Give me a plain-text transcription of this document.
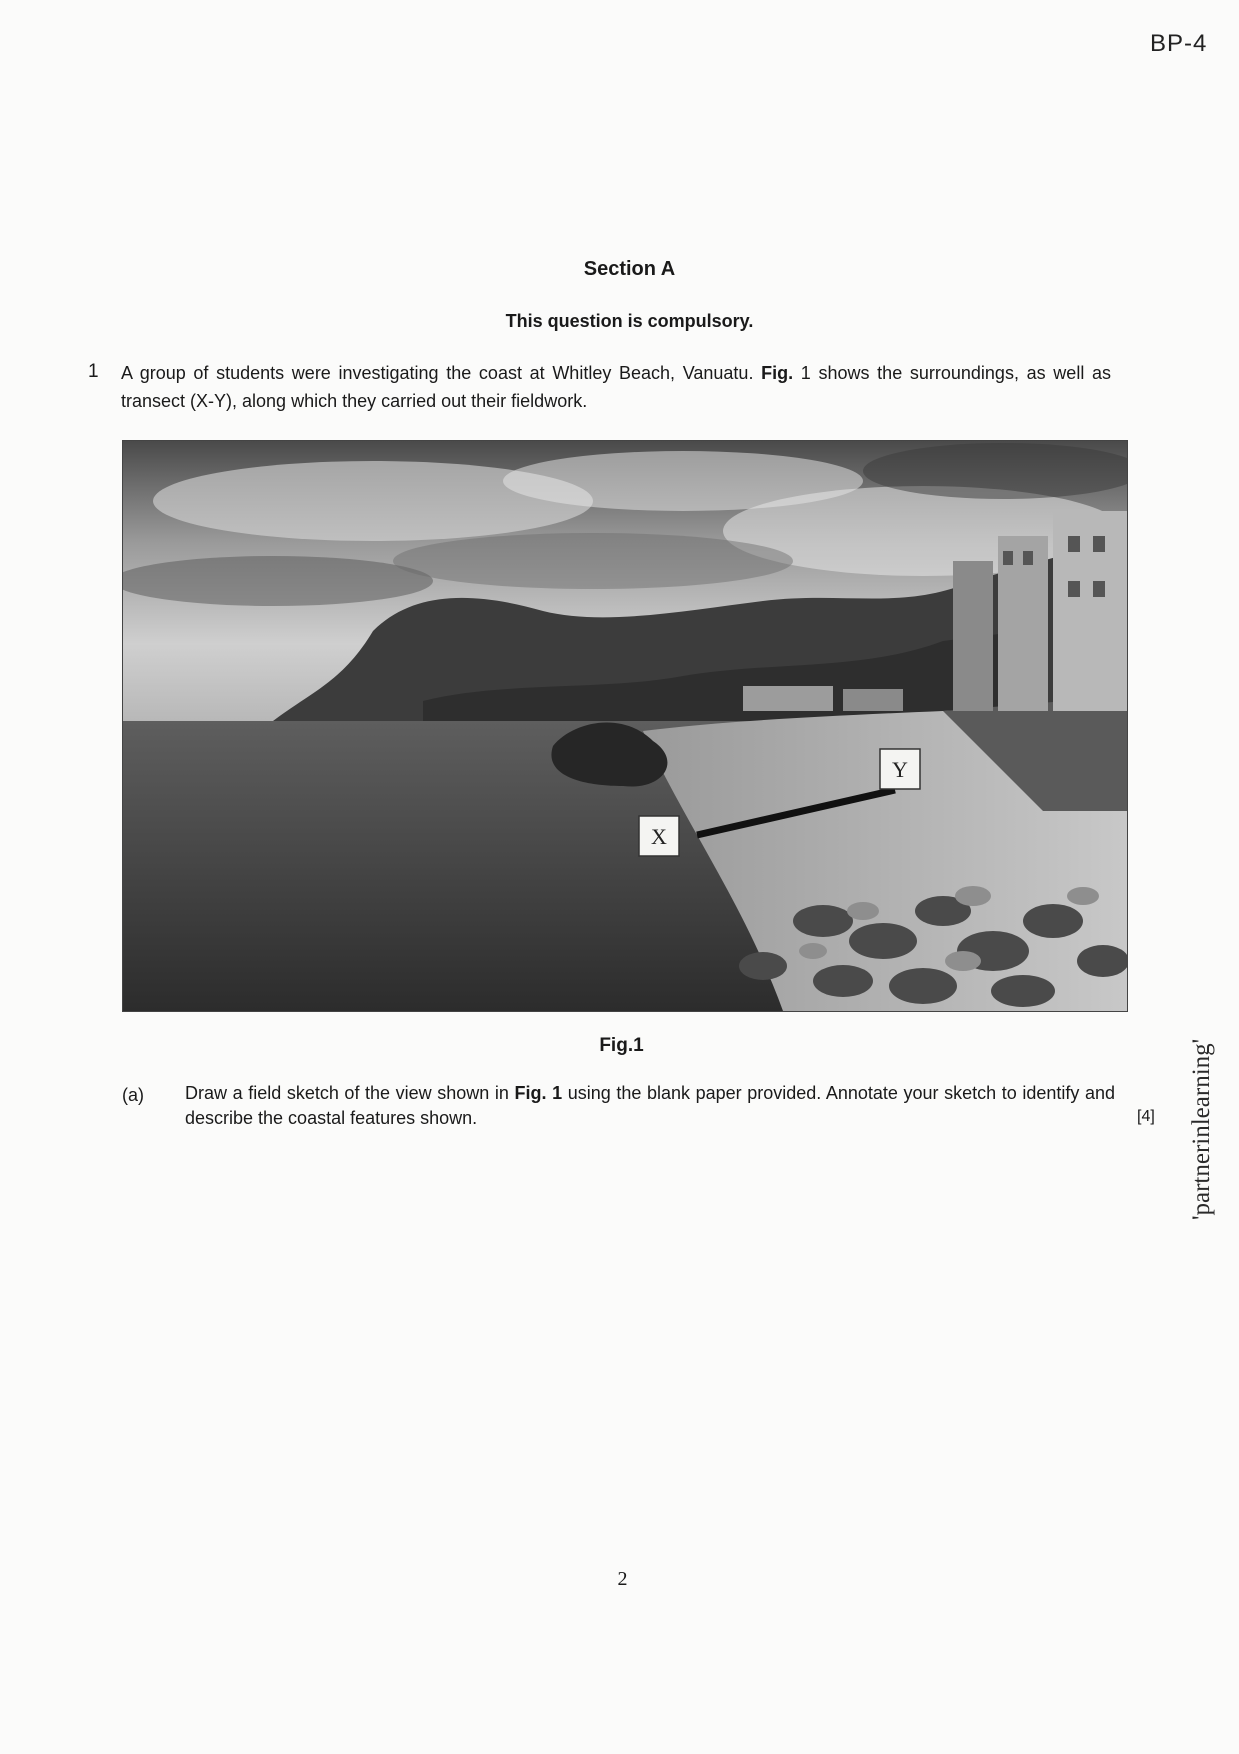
BP-4
Section A
This question is compulsory.
1 A group of students were investigating the coast at Whitley Beach, Vanuatu. Fig. 1 shows the surroundings, as well as transect (X-Y), along which they carried out their fieldwork.
X
Y
Fig.1
(a) Draw a field sketch of the view shown in Fig. 1 using the blank paper provided. Annotate your sketch to identify and describe the coastal features shown.	[4] 'partnerinlearning'
2
